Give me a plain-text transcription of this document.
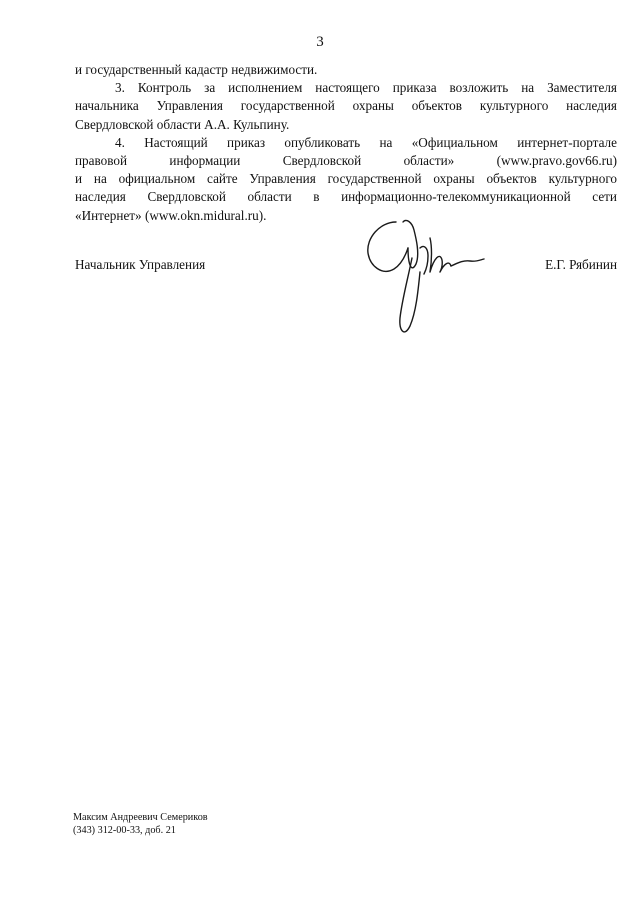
3
и государственный кадастр недвижимости.
3. Контроль за исполнением настоящего приказа возложить на Заместителя
начальника Управления государственной охраны объектов культурного наследия
Свердловской области А.А. Кульпину.
4. Настоящий приказ опубликовать на «Официальном интернет-портале
правовой информации Свердловской области» (www.pravo.gov66.ru)
и на официальном сайте Управления государственной охраны объектов культурного
наследия Свердловской области в информационно-телекоммуникационной сети
«Интернет» (www.okn.midural.ru).
Начальник Управления	Е.Г. Рябинин
Максим Андреевич Семериков
(343) 312-00-33, доб. 21
